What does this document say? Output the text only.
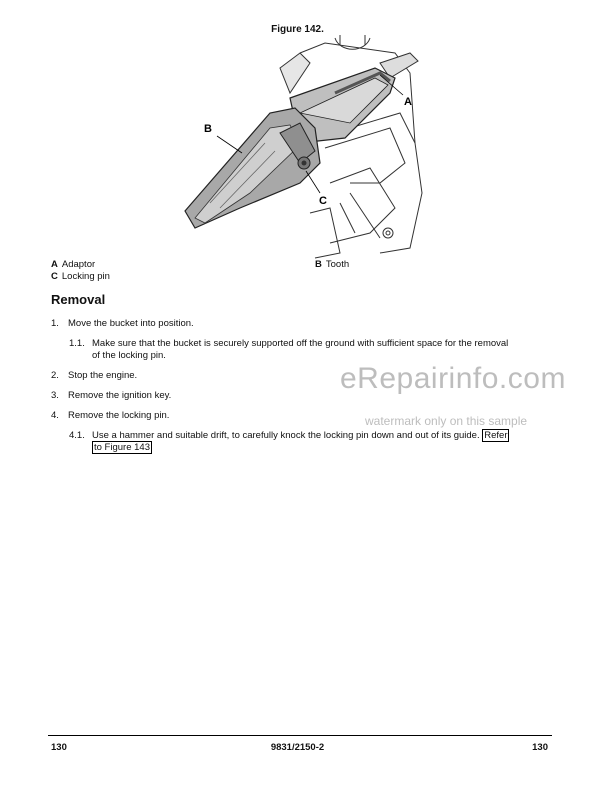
Figure 142.
A
B
C
A Adaptor
C Locking pin
B Tooth
Removal
1. Move the bucket into position.
1.1. Make sure that the bucket is securely supported off the ground with sufficient space for the removal
of the locking pin.
2. Stop the engine.
3. Remove the ignition key.
4. Remove the locking pin.
4.1. Use a hammer and suitable drift, to carefully knock the locking pin down and out of its guide. Refer
to Figure 143
eRepairinfo.com
watermark only on this sample
130	9831/2150-2	130
